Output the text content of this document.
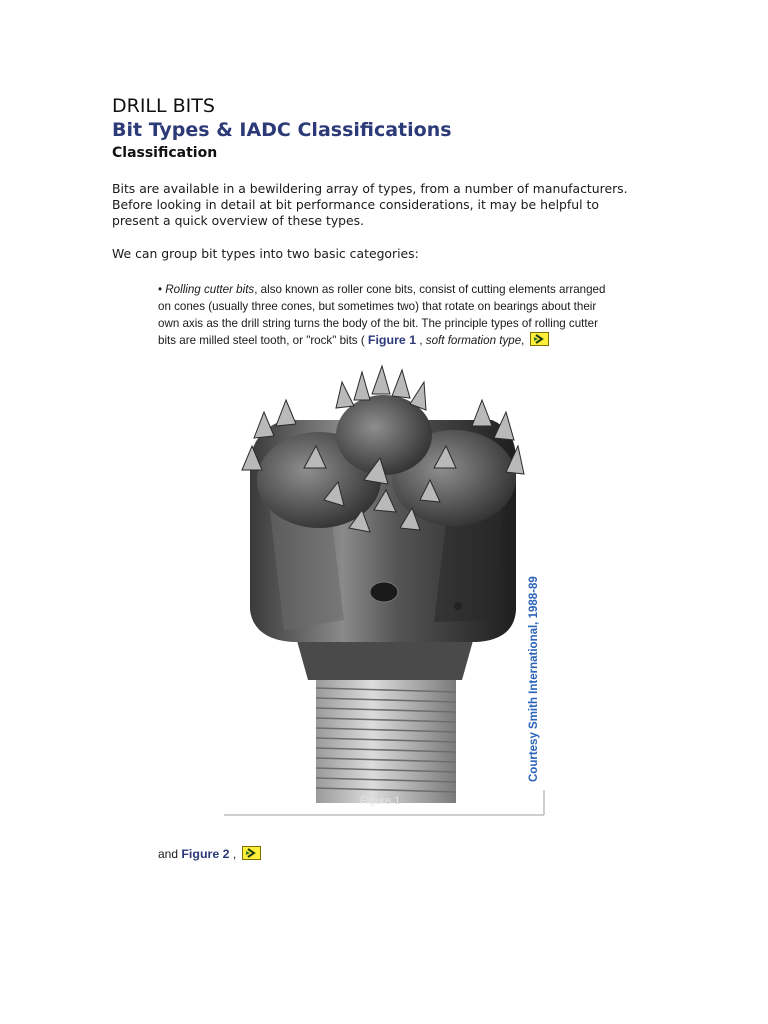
DRILL BITS
Bit Types & IADC Classifications
Classification
Bits are available in a bewildering array of types, from a number of manufacturers.
Before looking in detail at bit performance considerations, it may be helpful to
present a quick overview of these types.
We can group bit types into two basic categories:
• Rolling cutter bits, also known as roller cone bits, consist of cutting elements arranged
on cones (usually three cones, but sometimes two) that rotate on bearings about their
own axis as the drill string turns the body of the bit. The principle types of rolling cutter
bits are milled steel tooth, or "rock" bits ( Figure 1 , soft formation type,
Courtesy Smith International, 1988-89
Figure 1
and Figure 2 ,
